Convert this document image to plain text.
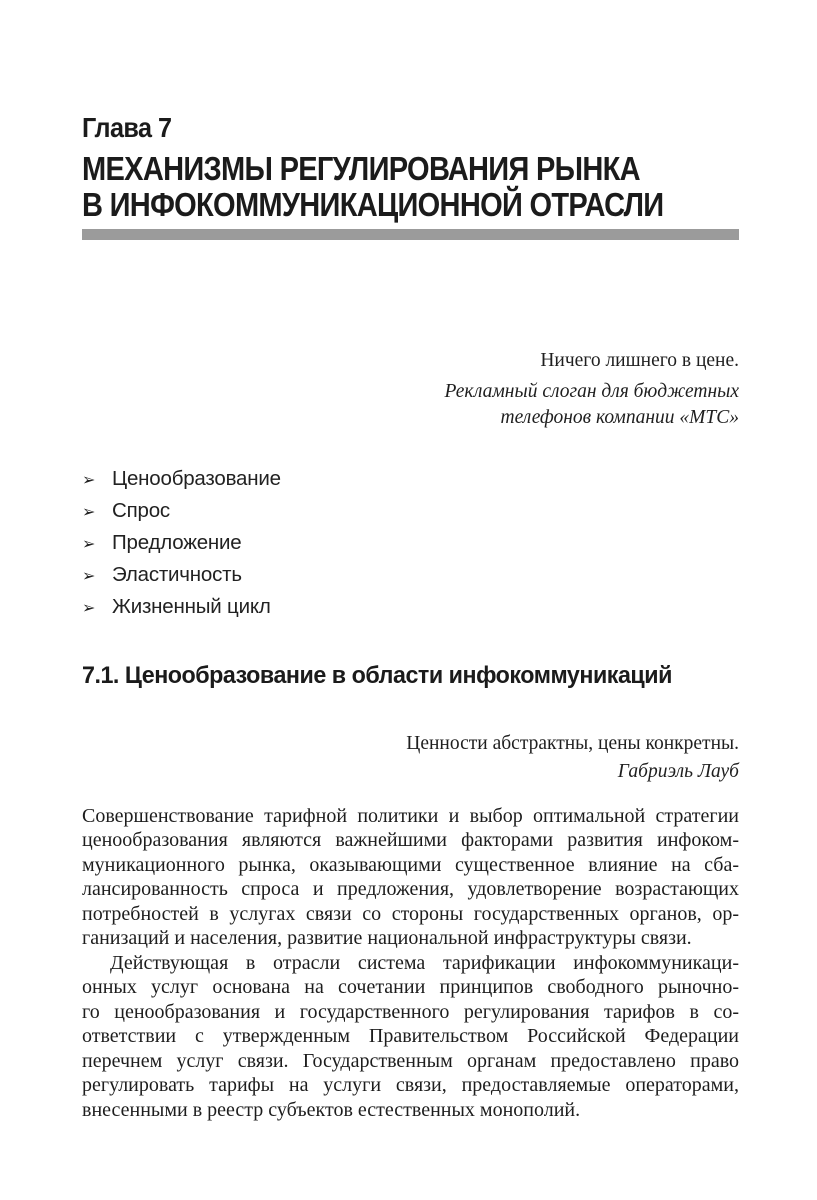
Глава 7
МЕХАНИЗМЫ РЕГУЛИРОВАНИЯ РЫНКА
В ИНФОКОММУНИКАЦИОННОЙ ОТРАСЛИ
Ничего лишнего в цене.
Рекламный слоган для бюджетных
телефонов компании «МТС»
➢ Ценообразование
➢ Спрос
➢ Предложение
➢ Эластичность
➢ Жизненный цикл
7.1. Ценообразование в области инфокоммуникаций
Ценности абстрактны, цены конкретны.
Габриэль Лауб
Совершенствование тарифной политики и выбор оптимальной стратегии
ценообразования являются важнейшими факторами развития инфоком-
муникационного рынка, оказывающими существенное влияние на сба-
лансированность спроса и предложения, удовлетворение возрастающих
потребностей в услугах связи со стороны государственных органов, ор-
ганизаций и населения, развитие национальной инфраструктуры связи.
Действующая в отрасли система тарификации инфокоммуникаци-
онных услуг основана на сочетании принципов свободного рыночно-
го ценообразования и государственного регулирования тарифов в со-
ответствии с утвержденным Правительством Российской Федерации
перечнем услуг связи. Государственным органам предоставлено право
регулировать тарифы на услуги связи, предоставляемые операторами,
внесенными в реестр субъектов естественных монополий.
